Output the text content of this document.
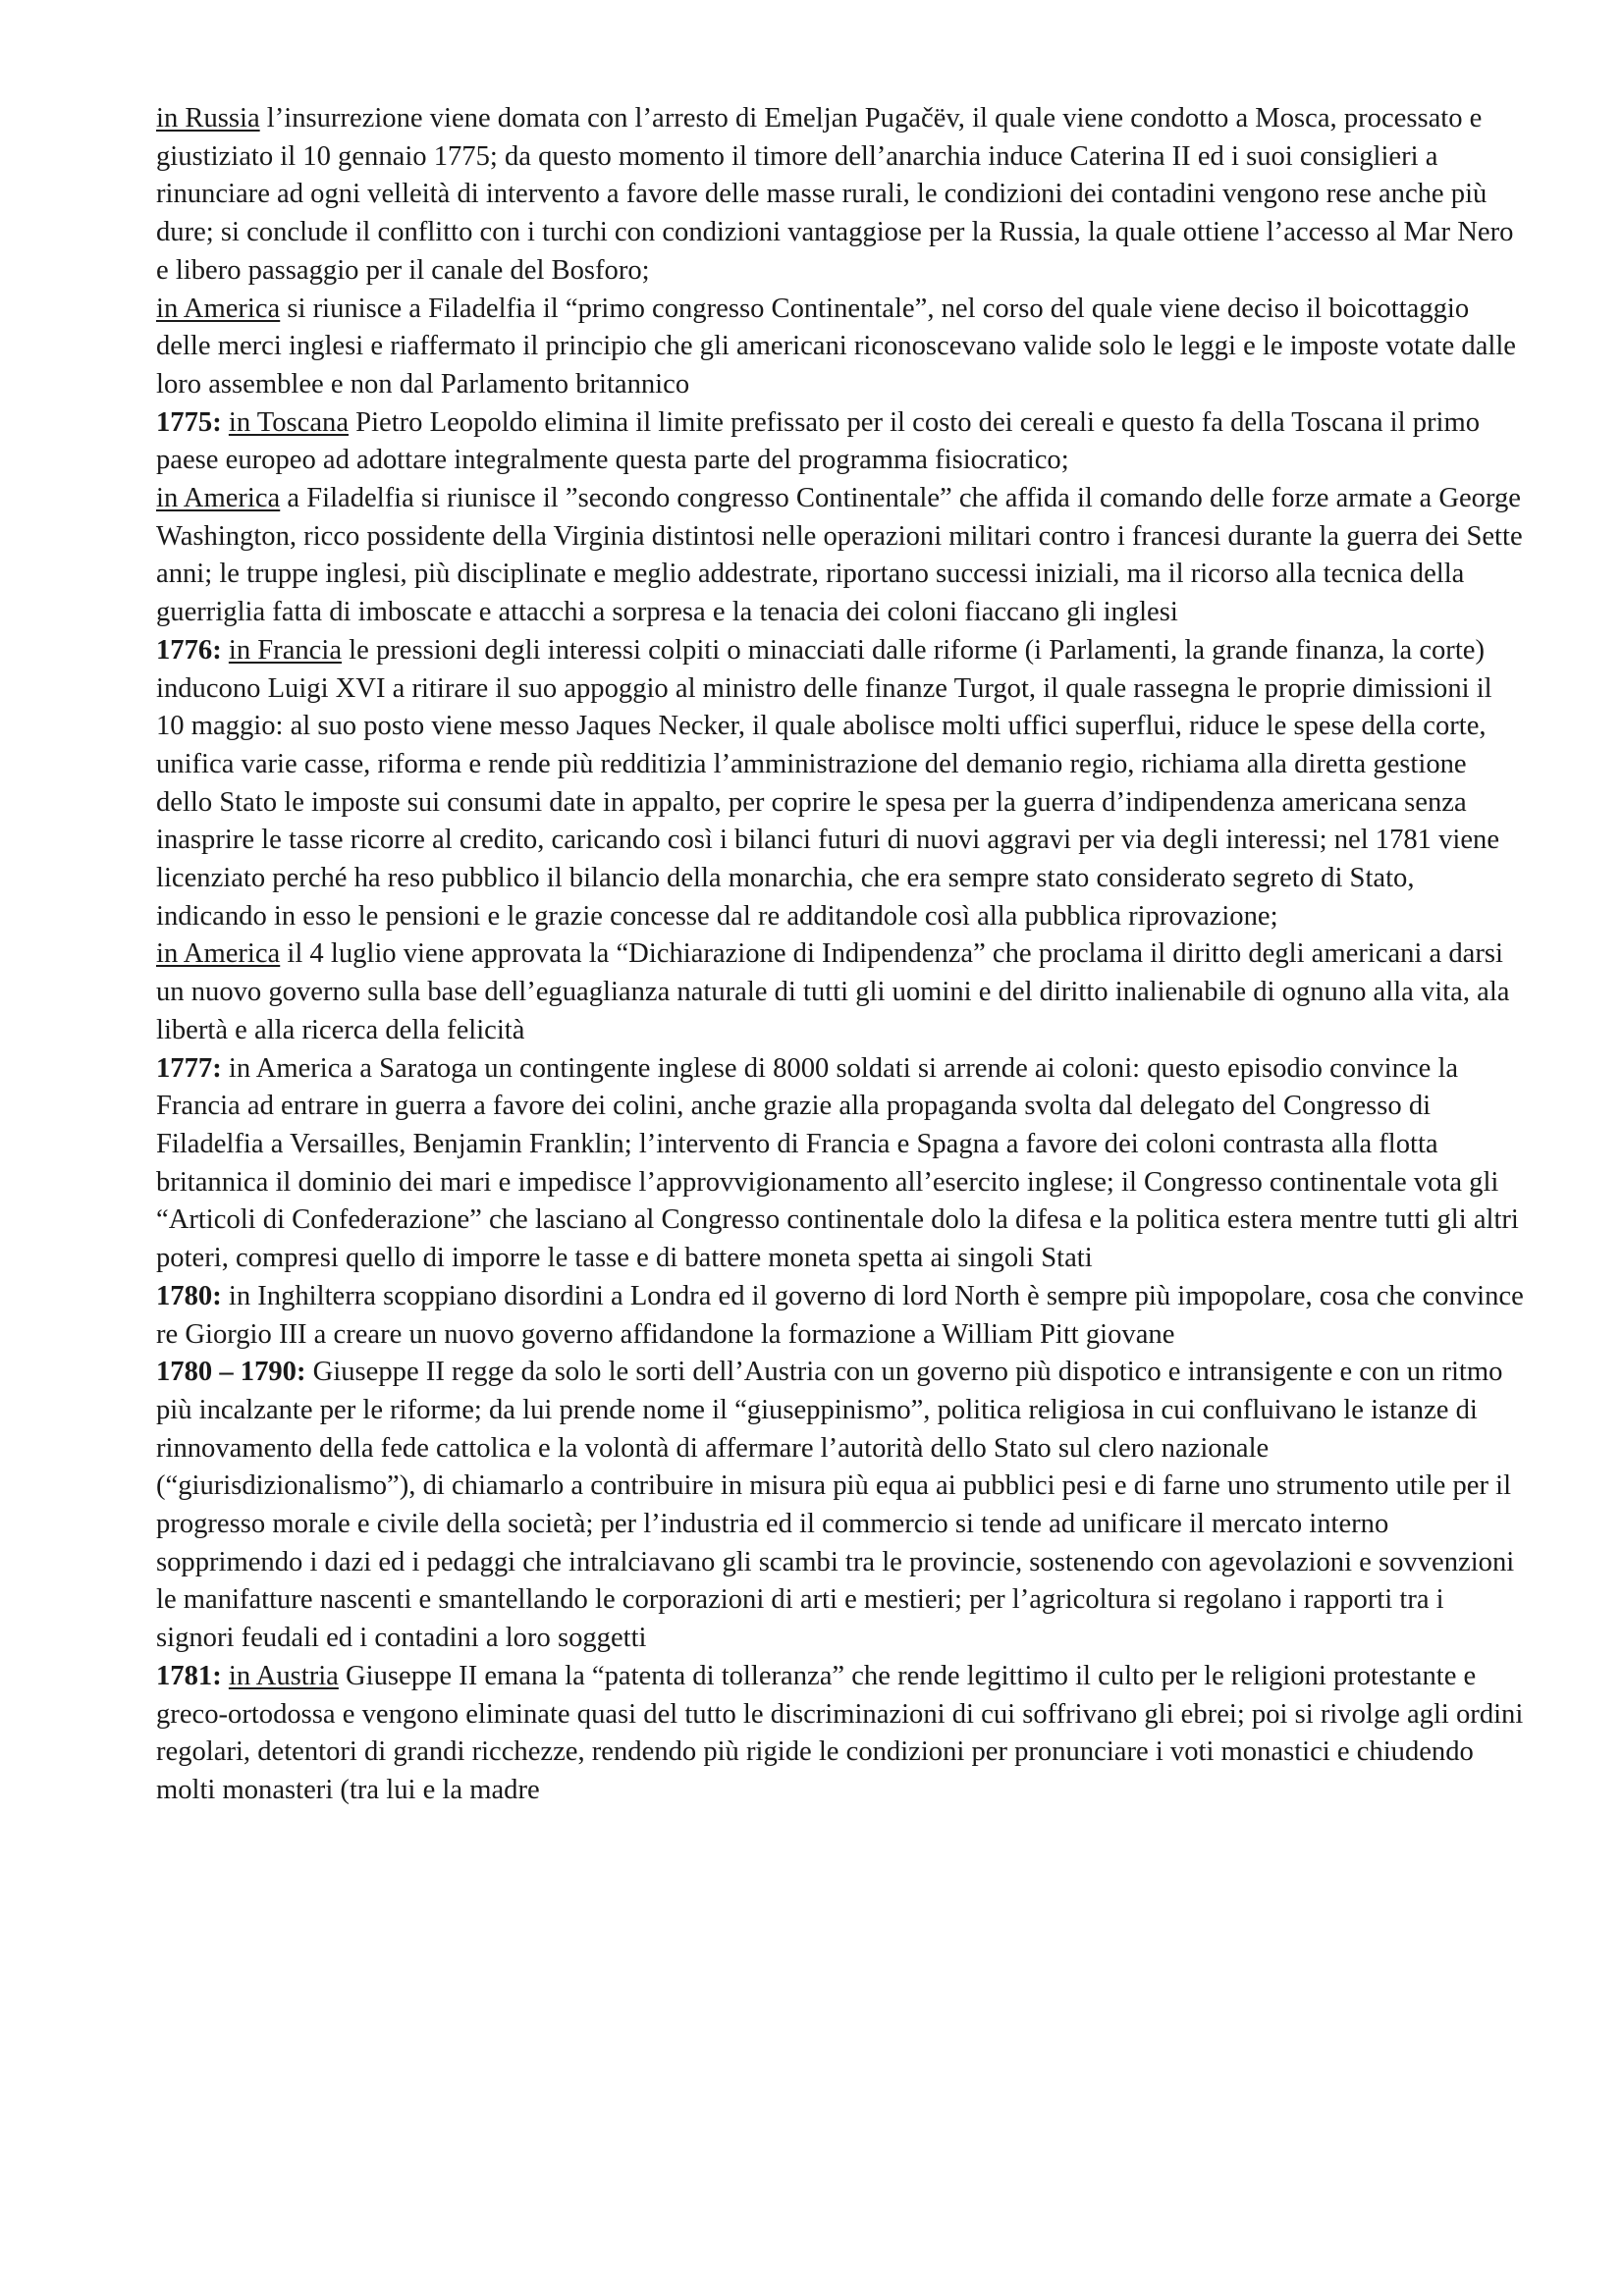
in Russia l’insurrezione viene domata con l’arresto di Emeljan Pugačëv, il quale viene condotto a Mosca, processato e giustiziato il 10 gennaio 1775; da questo momento il timore dell’anarchia induce Caterina II ed i suoi consiglieri a rinunciare ad ogni velleità di intervento a favore delle masse rurali, le condizioni dei contadini vengono rese anche più dure; si conclude il conflitto con i turchi con condizioni vantaggiose per la Russia, la quale ottiene l’accesso al Mar Nero e libero passaggio per il canale del Bosforo;

in America si riunisce a Filadelfia il “primo congresso Continentale”, nel corso del quale viene deciso il boicottaggio delle merci inglesi e riaffermato il principio che gli americani riconoscevano valide solo le leggi e le imposte votate dalle loro assemblee e non dal Parlamento britannico

1775: in Toscana Pietro Leopoldo elimina il limite prefissato per il costo dei cereali e questo fa della Toscana il primo paese europeo ad adottare integralmente questa parte del programma fisiocratico;

in America a Filadelfia si riunisce il ”secondo congresso Continentale” che affida il comando delle forze armate a George Washington, ricco possidente della Virginia distintosi nelle operazioni militari contro i francesi durante la guerra dei Sette anni; le truppe inglesi, più disciplinate e meglio addestrate, riportano successi iniziali, ma il ricorso alla tecnica della guerriglia fatta di imboscate e attacchi a sorpresa e la tenacia dei coloni fiaccano gli inglesi

1776: in Francia le pressioni degli interessi colpiti o minacciati dalle riforme (i Parlamenti, la grande finanza, la corte) inducono Luigi XVI a ritirare il suo appoggio al ministro delle finanze Turgot, il quale rassegna le proprie dimissioni il 10 maggio: al suo posto viene messo Jaques Necker, il quale abolisce molti uffici superflui, riduce le spese della corte, unifica varie casse, riforma e rende più redditizia l’amministrazione del demanio regio, richiama alla diretta gestione dello Stato le imposte sui consumi date in appalto, per coprire le spesa per la guerra d’indipendenza americana senza inasprire le tasse ricorre al credito, caricando così i bilanci futuri di nuovi aggravi per via degli interessi; nel 1781 viene licenziato perché ha reso pubblico il bilancio della monarchia, che era sempre stato considerato segreto di Stato, indicando in esso le pensioni e le grazie concesse dal re additandole così alla pubblica riprovazione;

in America il 4 luglio viene approvata la “Dichiarazione di Indipendenza” che proclama il diritto degli americani a darsi un nuovo governo sulla base dell’eguaglianza naturale di tutti gli uomini e del diritto inalienabile di ognuno alla vita, ala libertà e alla ricerca della felicità

1777: in America a Saratoga un contingente inglese di 8000 soldati si arrende ai coloni: questo episodio convince la Francia ad entrare in guerra a favore dei colini, anche grazie alla propaganda svolta dal delegato del Congresso di Filadelfia a Versailles, Benjamin Franklin; l’intervento di Francia e Spagna a favore dei coloni contrasta alla flotta britannica il dominio dei mari e impedisce l’approvvigionamento all’esercito inglese; il Congresso continentale vota gli “Articoli di Confederazione” che lasciano al Congresso continentale dolo la difesa e la politica estera mentre tutti gli altri poteri, compresi quello di imporre le tasse e di battere moneta spetta ai singoli Stati

1780: in Inghilterra scoppiano disordini a Londra ed il governo di lord North è sempre più impopolare, cosa che convince re Giorgio III a creare un nuovo governo affidandone la formazione a William Pitt giovane

1780 – 1790: Giuseppe II regge da solo le sorti dell’Austria con un governo più dispotico e intransigente e con un ritmo più incalzante per le riforme; da lui prende nome il “giuseppinismo”, politica religiosa in cui confluivano le istanze di rinnovamento della fede cattolica e la volontà di affermare l’autorità dello Stato sul clero nazionale (“giurisdizionalismo”), di chiamarlo a contribuire in misura più equa ai pubblici pesi e di farne uno strumento utile per il progresso morale e civile della società; per l’industria ed il commercio si tende ad unificare il mercato interno sopprimendo i dazi ed i pedaggi che intralciavano gli scambi tra le provincie, sostenendo con agevolazioni e sovvenzioni le manifatture nascenti e smantellando le corporazioni di arti e mestieri; per l’agricoltura si regolano i rapporti tra i signori feudali ed i contadini a loro soggetti

1781: in Austria Giuseppe II emana la “patenta di tolleranza” che rende legittimo il culto per le religioni protestante e greco-ortodossa e vengono eliminate quasi del tutto le discriminazioni di cui soffrivano gli ebrei; poi si rivolge agli ordini regolari, detentori di grandi ricchezze, rendendo più rigide le condizioni per pronunciare i voti monastici e chiudendo molti monasteri (tra lui e la madre
